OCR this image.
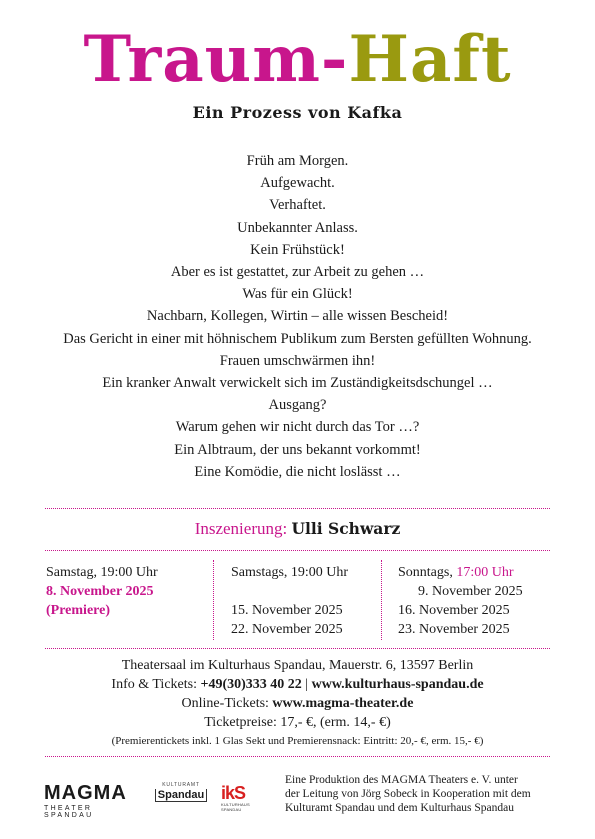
Traum-Haft
Ein Prozess von Kafka
Früh am Morgen.
Aufgewacht.
Verhaftet.
Unbekannter Anlass.
Kein Frühstück!
Aber es ist gestattet, zur Arbeit zu gehen …
Was für ein Glück!
Nachbarn, Kollegen, Wirtin – alle wissen Bescheid!
Das Gericht in einer mit höhnischem Publikum zum Bersten gefüllten Wohnung.
Frauen umschwärmen ihn!
Ein kranker Anwalt verwickelt sich im Zuständigkeitsdschungel …
Ausgang?
Warum gehen wir nicht durch das Tor …?
Ein Albtraum, der uns bekannt vorkommt!
Eine Komödie, die nicht loslässt …
Inszenierung: Ulli Schwarz
Samstag, 19:00 Uhr
8. November 2025
(Premiere)
Samstags, 19:00 Uhr
15. November 2025
22. November 2025
Sonntags, 17:00 Uhr
9. November 2025
16. November 2025
23. November 2025
Theatersaal im Kulturhaus Spandau, Mauerstr. 6, 13597 Berlin
Info & Tickets: +49(30)333 40 22 | www.kulturhaus-spandau.de
Online-Tickets: www.magma-theater.de
Ticketpreise: 17,- €, (erm. 14,- €)
(Premierentickets inkl. 1 Glas Sekt und Premierensnack: Eintritt: 20,- €, erm. 15,- €)
MAGMA
THEATER SPANDAU
KULTURAMT
Spandau ikS
KULTURHAUS SPANDAU
Eine Produktion des MAGMA Theaters e. V. unter
der Leitung von Jörg Sobeck in Kooperation mit dem
Kulturamt Spandau und dem Kulturhaus Spandau
